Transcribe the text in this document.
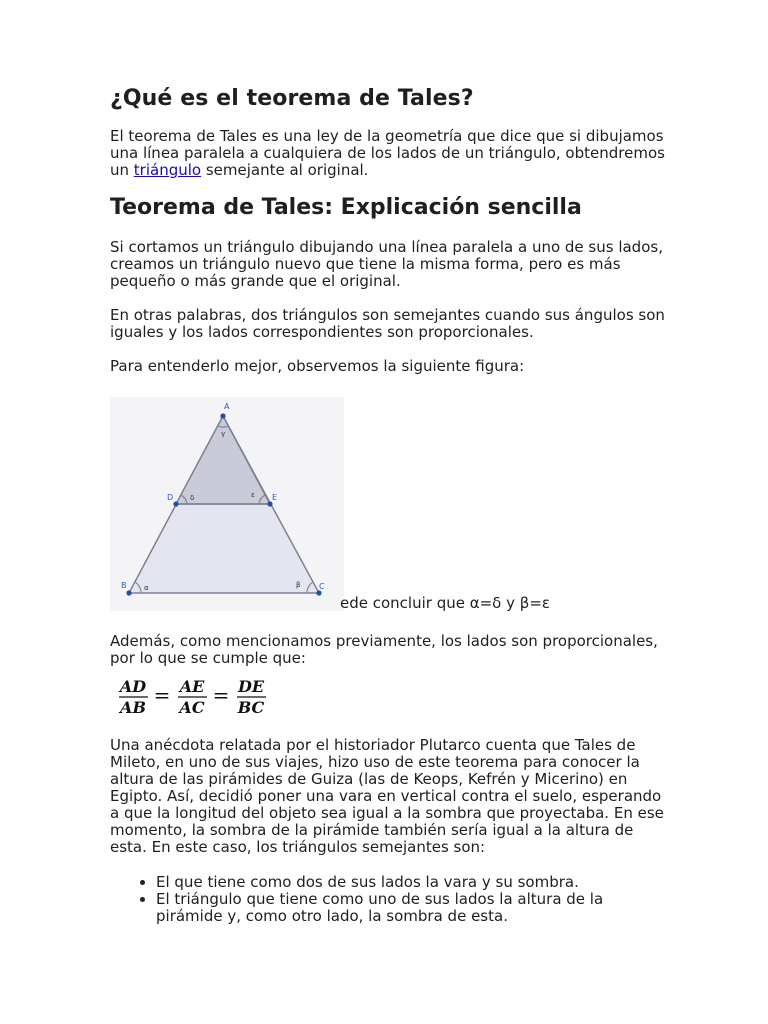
¿Qué es el teorema de Tales?

El teorema de Tales es una ley de la geometría que dice que si dibujamos una línea paralela a cualquiera de los lados de un triángulo, obtendremos un triángulo semejante al original.

Teorema de Tales: Explicación sencilla

Si cortamos un triángulo dibujando una línea paralela a uno de sus lados, creamos un triángulo nuevo que tiene la misma forma, pero es más pequeño o más grande que el original.

En otras palabras, dos triángulos son semejantes cuando sus ángulos son iguales y los lados correspondientes son proporcionales.

Para entenderlo mejor, observemos la siguiente figura:

A
B	C
D	E
γ
δ	ε
α	β
ede concluir que α=δ y β=ε

Además, como mencionamos previamente, los lados son proporcionales, por lo que se cumple que:

AD
AB
= AE
AC
= DE
BC

Una anécdota relatada por el historiador Plutarco cuenta que Tales de Mileto, en uno de sus viajes, hizo uso de este teorema para conocer la altura de las pirámides de Guiza (las de Keops, Kefrén y Micerino) en Egipto. Así, decidió poner una vara en vertical contra el suelo, esperando a que la longitud del objeto sea igual a la sombra que proyectaba. En ese momento, la sombra de la pirámide también sería igual a la altura de esta. En este caso, los triángulos semejantes son:

• El que tiene como dos de sus lados la vara y su sombra.
• El triángulo que tiene como uno de sus lados la altura de la pirámide y, como otro lado, la sombra de esta.
